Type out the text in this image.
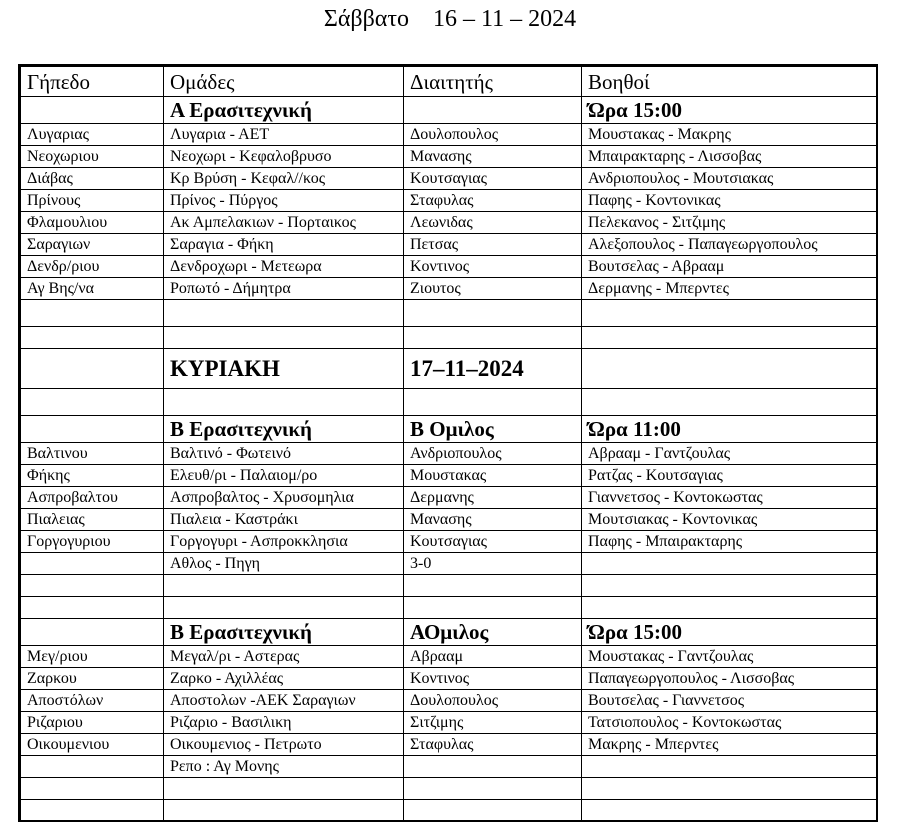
Σάββατο    16 – 11 – 2024
Γήπεδο	Ομάδες	Διαιτητής	Βοηθοί
	Α Ερασιτεχνική		Ώρα 15:00
Λυγαριας	Λυγαρια - ΑΕΤ	Δουλοπουλος	Μουστακας - Μακρης
Νεοχωριου	Νεοχωρι - Κεφαλοβρυσο	Μανασης	Μπαιρακταρης - Λισσοβας
Διάβας	Κρ Βρύση - Κεφαλ//κος	Κουτσαγιας	Ανδριοπουλος - Μουτσιακας
Πρίνους	Πρίνος - Πύργος	Σταφυλας	Παφης - Κοντονικας
Φλαμουλιου	Ακ Αμπελακιων - Πορταικος	Λεωνιδας	Πελεκανος - Σιτζιμης
Σαραγιων	Σαραγια - Φήκη	Πετσας	Αλεξοπουλος - Παπαγεωργοπουλος
Δενδρ/ριου	Δενδροχωρι - Μετεωρα	Κοντινος	Βουτσελας - Αβρααμ
Αγ Βης/να	Ροπωτό - Δήμητρα	Ζιουτος	Δερμανης - Μπερντες

	ΚΥΡΙΑΚΗ	17–11–2024	

	Β Ερασιτεχνική	Β Ομιλος	Ώρα 11:00
Βαλτινου	Βαλτινό - Φωτεινό	Ανδριοπουλος	Αβρααμ - Γαντζουλας
Φήκης	Ελευθ/ρι - Παλαιομ/ρο	Μουστακας	Ρατζας - Κουτσαγιας
Ασπροβαλτου	Ασπροβαλτος - Χρυσομηλια	Δερμανης	Γιαννετσος - Κοντοκωστας
Πιαλειας	Πιαλεια - Καστράκι	Μανασης	Μουτσιακας - Κοντονικας
Γοργογυριου	Γοργογυρι - Ασπροκκλησια	Κουτσαγιας	Παφης - Μπαιρακταρης
	Αθλος - Πηγη	3-0	

	Β Ερασιτεχνική	ΑΟμιλος	Ώρα 15:00
Μεγ/ριου	Μεγαλ/ρι - Αστερας	Αβρααμ	Μουστακας - Γαντζουλας
Ζαρκου	Ζαρκο - Αχιλλέας	Κοντινος	Παπαγεωργοπουλος - Λισσοβας
Αποστόλων	Αποστολων -ΑΕΚ Σαραγιων	Δουλοπουλος	Βουτσελας - Γιαννετσος
Ριζαριου	Ριζαριο - Βασιλικη	Σιτζιμης	Τατσιοπουλος - Κοντοκωστας
Οικουμενιου	Οικουμενιος - Πετρωτο	Σταφυλας	Μακρης - Μπερντες
	Ρεπο : Αγ Μονης		
